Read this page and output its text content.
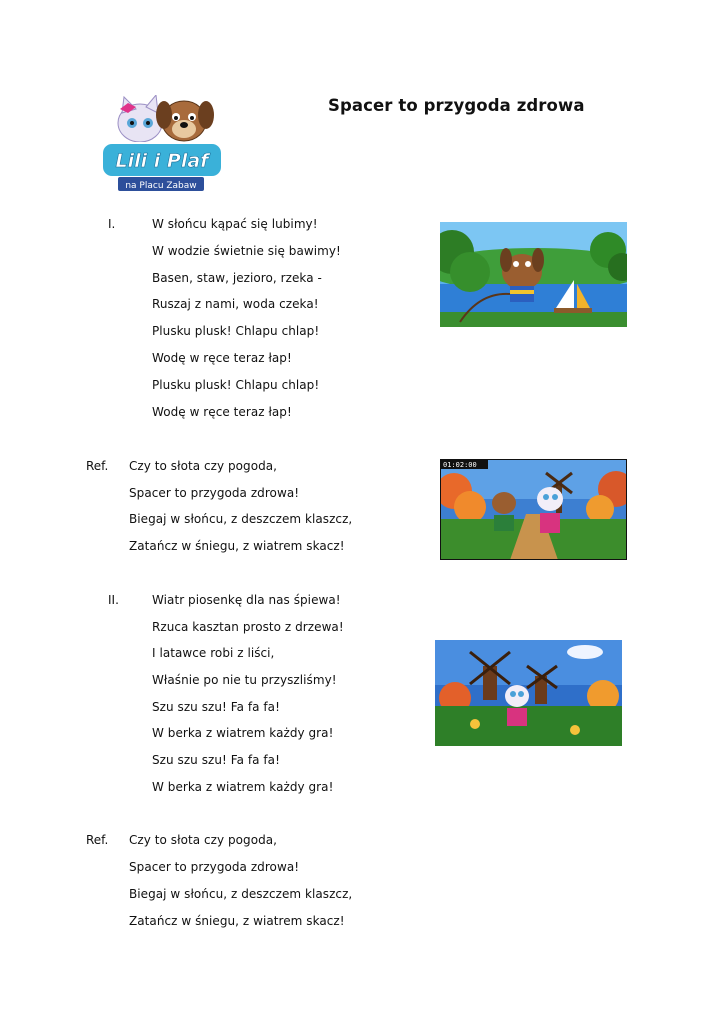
Lili i Plaf
na Placu Zabaw
Spacer to przygoda zdrowa
I.	W słońcu kąpać się lubimy!
W wodzie świetnie się bawimy!
Basen, staw, jezioro, rzeka -
Ruszaj z nami, woda czeka!
Plusku plusk! Chlapu chlap!
Wodę w ręce teraz łap!
Plusku plusk! Chlapu chlap!
Wodę w ręce teraz łap!
Ref. Czy to słota czy pogoda,
Spacer to przygoda zdrowa!
Biegaj w słońcu, z deszczem klaszcz,
Zatańcz w śniegu, z wiatrem skacz!
II.	Wiatr piosenkę dla nas śpiewa!
Rzuca kasztan prosto z drzewa!
I latawce robi z liści,
Właśnie po nie tu przyszliśmy!
Szu szu szu! Fa fa fa!
W berka z wiatrem każdy gra!
Szu szu szu! Fa fa fa!
W berka z wiatrem każdy gra!
Ref. Czy to słota czy pogoda,
Spacer to przygoda zdrowa!
Biegaj w słońcu, z deszczem klaszcz,
Zatańcz w śniegu, z wiatrem skacz!
01:02:00
